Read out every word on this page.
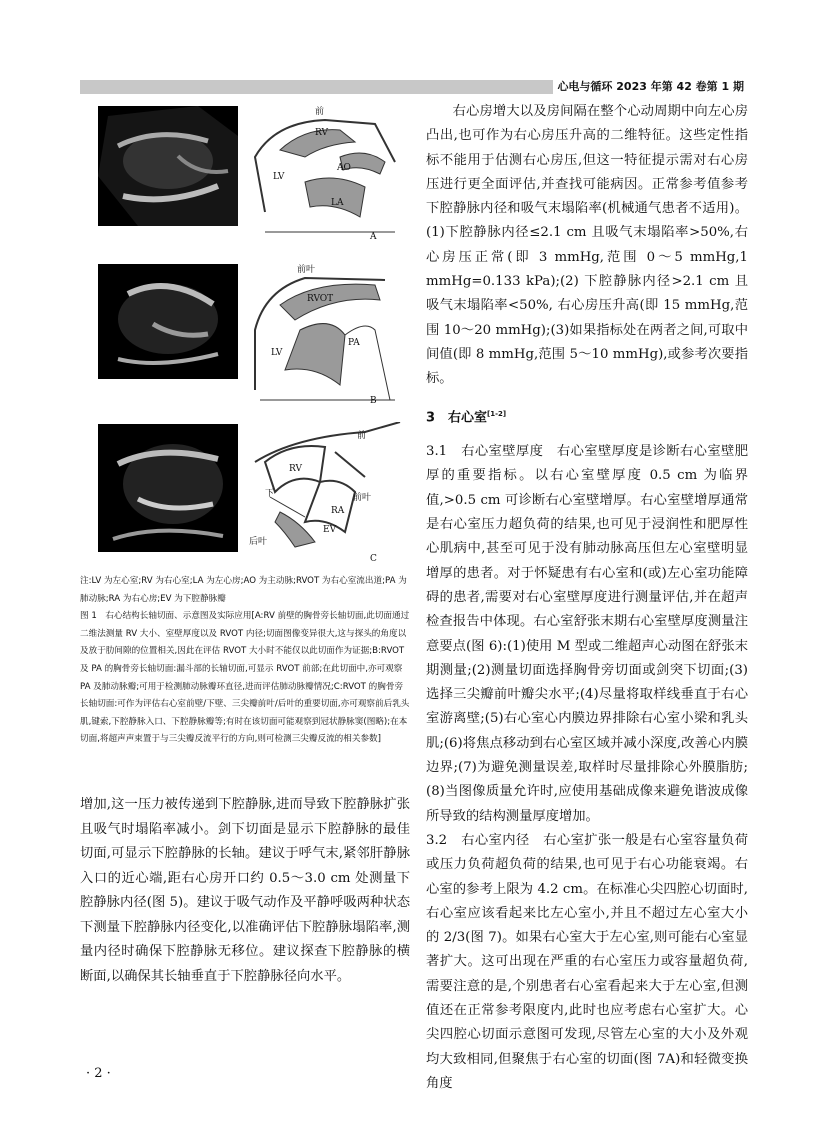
心电与循环 2023 年第 42 卷第 1 期
前
RV
LV
AO
LA
A
前叶
RVOT
LV
PA
B
前
RV
下	前叶
RA
EV
后叶
C

注:LV 为左心室;RV 为右心室;LA 为左心房;AO 为主动脉;RVOT 为右心室流出道;PA 为肺动脉;RA 为右心房;EV 为下腔静脉瓣

图 1　右心结构长轴切面、示意图及实际应用[A:RV 前壁的胸骨旁长轴切面,此切面通过二维法测量 RV 大小、室壁厚度以及 RVOT 内径;切面图像变异很大,这与探头的角度以及放于肋间隙的位置相关,因此在评估 RVOT 大小时不能仅以此切面作为证据;B:RVOT 及 PA 的胸骨旁长轴切面:漏斗部的长轴切面,可显示 RVOT 前部;在此切面中,亦可观察 PA 及肺动脉瓣;可用于检测肺动脉瓣环直径,进而评估肺动脉瓣情况;C:RVOT 的胸骨旁长轴切面:可作为评估右心室前壁/下壁、三尖瓣前叶/后叶的重要切面,亦可观察前后乳头肌,键索,下腔静脉入口、下腔静脉瓣等;有时在该切面可能观察到冠状静脉窦(图略);在本切面,将超声声束置于与三尖瓣反流平行的方向,则可检测三尖瓣反流的相关参数]

增加,这一压力被传递到下腔静脉,进而导致下腔静脉扩张且吸气时塌陷率减小。剑下切面是显示下腔静脉的最佳切面,可显示下腔静脉的长轴。建议于呼气末,紧邻肝静脉入口的近心端,距右心房开口约 0.5～3.0 cm 处测量下腔静脉内径(图 5)。建议于吸气动作及平静呼吸两种状态下测量下腔静脉内径变化,以准确评估下腔静脉塌陷率,测量内径时确保下腔静脉无移位。建议探查下腔静脉的横断面,以确保其长轴垂直于下腔静脉径向水平。

右心房增大以及房间隔在整个心动周期中向左心房凸出,也可作为右心房压升高的二维特征。这些定性指标不能用于估测右心房压,但这一特征提示需对右心房压进行更全面评估,并查找可能病因。正常参考值参考下腔静脉内径和吸气末塌陷率(机械通气患者不适用)。(1)下腔静脉内径≤2.1 cm 且吸气末塌陷率>50%,右心房压正常(即 3 mmHg,范围 0～5 mmHg,1 mmHg=0.133 kPa);(2) 下腔静脉内径>2.1 cm 且吸气末塌陷率<50%, 右心房压升高(即 15 mmHg,范围 10～20 mmHg);(3)如果指标处在两者之间,可取中间值(即 8 mmHg,范围 5～10 mmHg),或参考次要指标。

3　右心室[1-2]

3.1　右心室壁厚度　右心室壁厚度是诊断右心室壁肥厚的重要指标。以右心室壁厚度 0.5 cm 为临界值,>0.5 cm 可诊断右心室壁增厚。右心室壁增厚通常是右心室压力超负荷的结果,也可见于浸润性和肥厚性心肌病中,甚至可见于没有肺动脉高压但左心室壁明显增厚的患者。对于怀疑患有右心室和(或)左心室功能障碍的患者,需要对右心室壁厚度进行测量评估,并在超声检查报告中体现。右心室舒张末期右心室壁厚度测量注意要点(图 6):(1)使用 M 型或二维超声心动图在舒张末期测量;(2)测量切面选择胸骨旁切面或剑突下切面;(3)选择三尖瓣前叶瓣尖水平;(4)尽量将取样线垂直于右心室游离壁;(5)右心室心内膜边界排除右心室小梁和乳头肌;(6)将焦点移动到右心室区域并减小深度,改善心内膜边界;(7)为避免测量误差,取样时尽量排除心外膜脂肪;(8)当图像质量允许时,应使用基础成像来避免谐波成像所导致的结构测量厚度增加。

3.2　右心室内径　右心室扩张一般是右心室容量负荷或压力负荷超负荷的结果,也可见于右心功能衰竭。右心室的参考上限为 4.2 cm。在标准心尖四腔心切面时,右心室应该看起来比左心室小,并且不超过左心室大小的 2/3(图 7)。如果右心室大于左心室,则可能右心室显著扩大。这可出现在严重的右心室压力或容量超负荷,需要注意的是,个别患者右心室看起来大于左心室,但测值还在正常参考限度内,此时也应考虑右心室扩大。心尖四腔心切面示意图可发现,尽管左心室的大小及外观均大致相同,但聚焦于右心室的切面(图 7A)和轻微变换角度

· 2 ·
